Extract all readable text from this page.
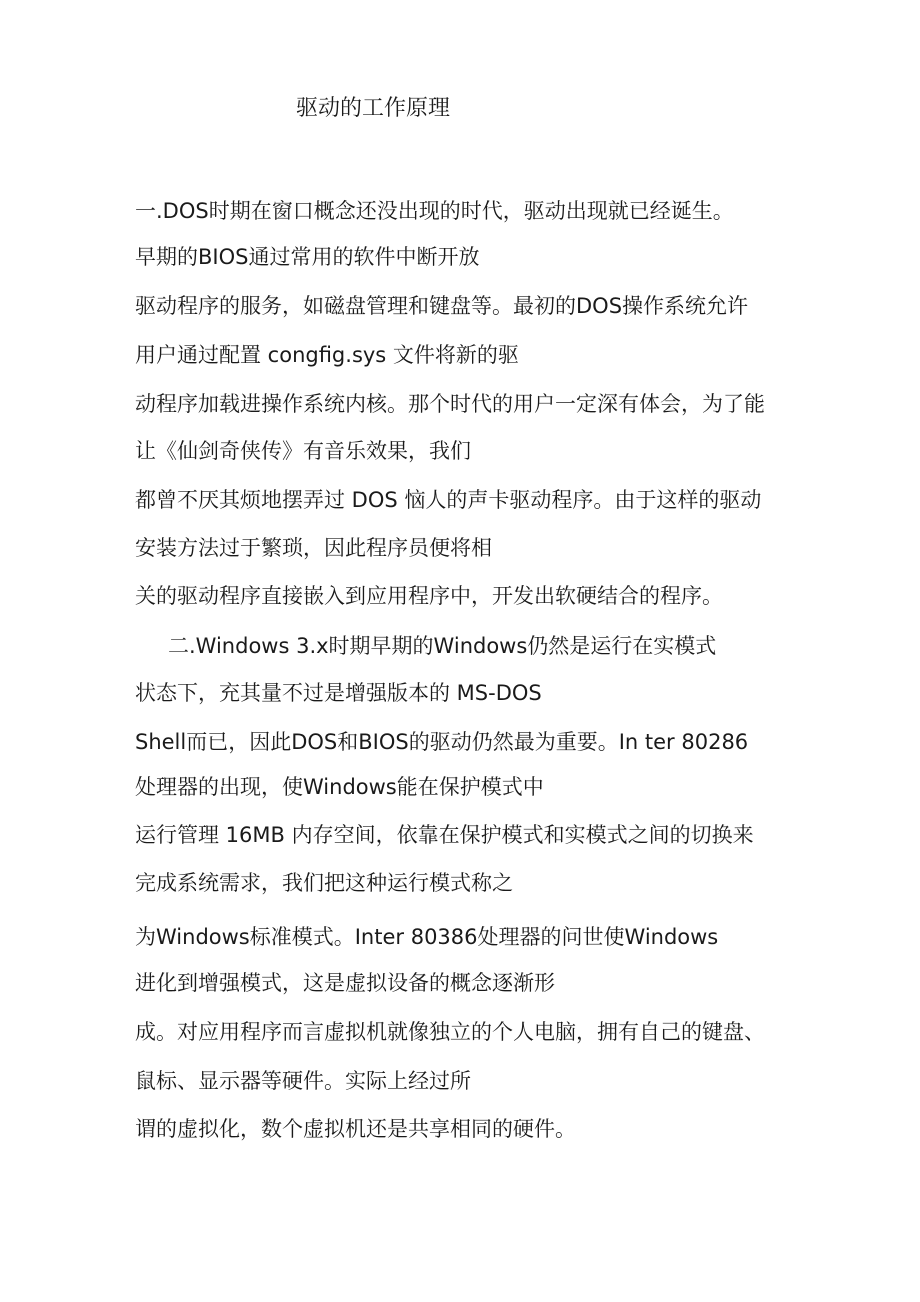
驱动的工作原理
一.DOS时期在窗口概念还没出现的时代，驱动出现就已经诞生。
早期的BIOS通过常用的软件中断开放
驱动程序的服务，如磁盘管理和键盘等。最初的DOS操作系统允许
用户通过配置 congfig.sys 文件将新的驱
动程序加载进操作系统内核。那个时代的用户一定深有体会，为了能
让《仙剑奇侠传》有音乐效果，我们
都曾不厌其烦地摆弄过 DOS 恼人的声卡驱动程序。由于这样的驱动
安装方法过于繁琐，因此程序员便将相
关的驱动程序直接嵌入到应用程序中，开发出软硬结合的程序。
二.Windows 3.x时期早期的Windows仍然是运行在实模式
状态下，充其量不过是增强版本的 MS-DOS
Shell而已，因此DOS和BIOS的驱动仍然最为重要。In ter 80286
处理器的出现，使Windows能在保护模式中
运行管理 16MB 内存空间，依靠在保护模式和实模式之间的切换来
完成系统需求，我们把这种运行模式称之
为Windows标准模式。Inter 80386处理器的问世使Windows
进化到增强模式，这是虚拟设备的概念逐渐形
成。对应用程序而言虚拟机就像独立的个人电脑，拥有自己的键盘、
鼠标、显示器等硬件。实际上经过所
谓的虚拟化，数个虚拟机还是共享相同的硬件。
